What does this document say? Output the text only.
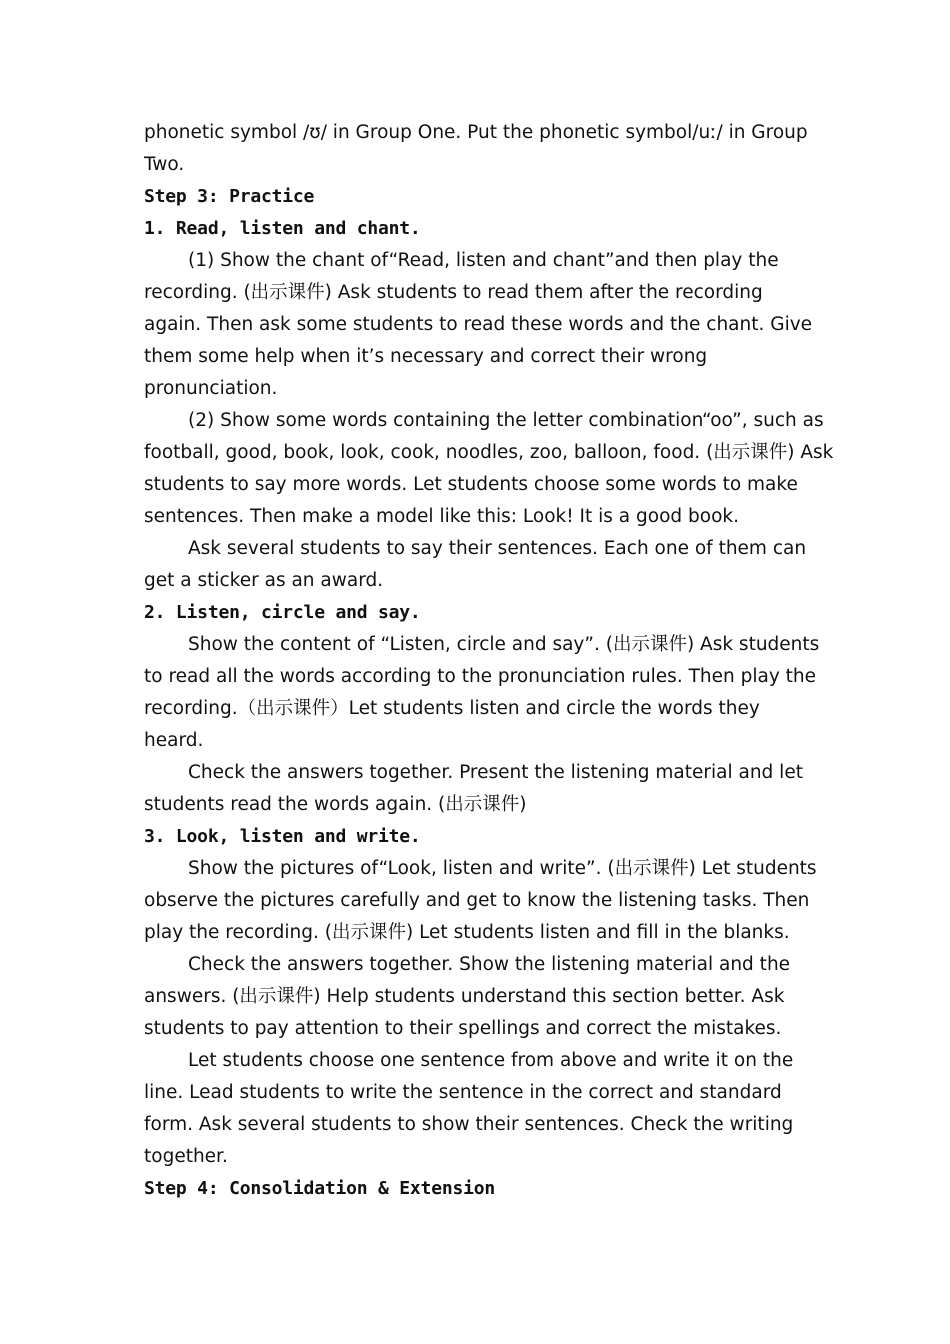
phonetic symbol /ʊ/ in Group One. Put the phonetic symbol/uː/ in Group
Two.
Step 3: Practice
1. Read, listen and chant.
(1) Show the chant of“Read, listen and chant”and then play the
recording. (出示课件) Ask students to read them after the recording
again. Then ask some students to read these words and the chant. Give
them some help when it’s necessary and correct their wrong
pronunciation.
(2) Show some words containing the letter combination“oo”, such as
football, good, book, look, cook, noodles, zoo, balloon, food. (出示课件) Ask
students to say more words. Let students choose some words to make
sentences. Then make a model like this: Look! It is a good book.
Ask several students to say their sentences. Each one of them can
get a sticker as an award.
2. Listen, circle and say.
Show the content of “Listen, circle and say”. (出示课件) Ask students
to read all the words according to the pronunciation rules. Then play the
recording.（出示课件）Let students listen and circle the words they
heard.
Check the answers together. Present the listening material and let
students read the words again. (出示课件)
3. Look, listen and write.
Show the pictures of“Look, listen and write”. (出示课件) Let students
observe the pictures carefully and get to know the listening tasks. Then
play the recording. (出示课件) Let students listen and fill in the blanks.
Check the answers together. Show the listening material and the
answers. (出示课件) Help students understand this section better. Ask
students to pay attention to their spellings and correct the mistakes.
Let students choose one sentence from above and write it on the
line. Lead students to write the sentence in the correct and standard
form. Ask several students to show their sentences. Check the writing
together.
Step 4: Consolidation & Extension
